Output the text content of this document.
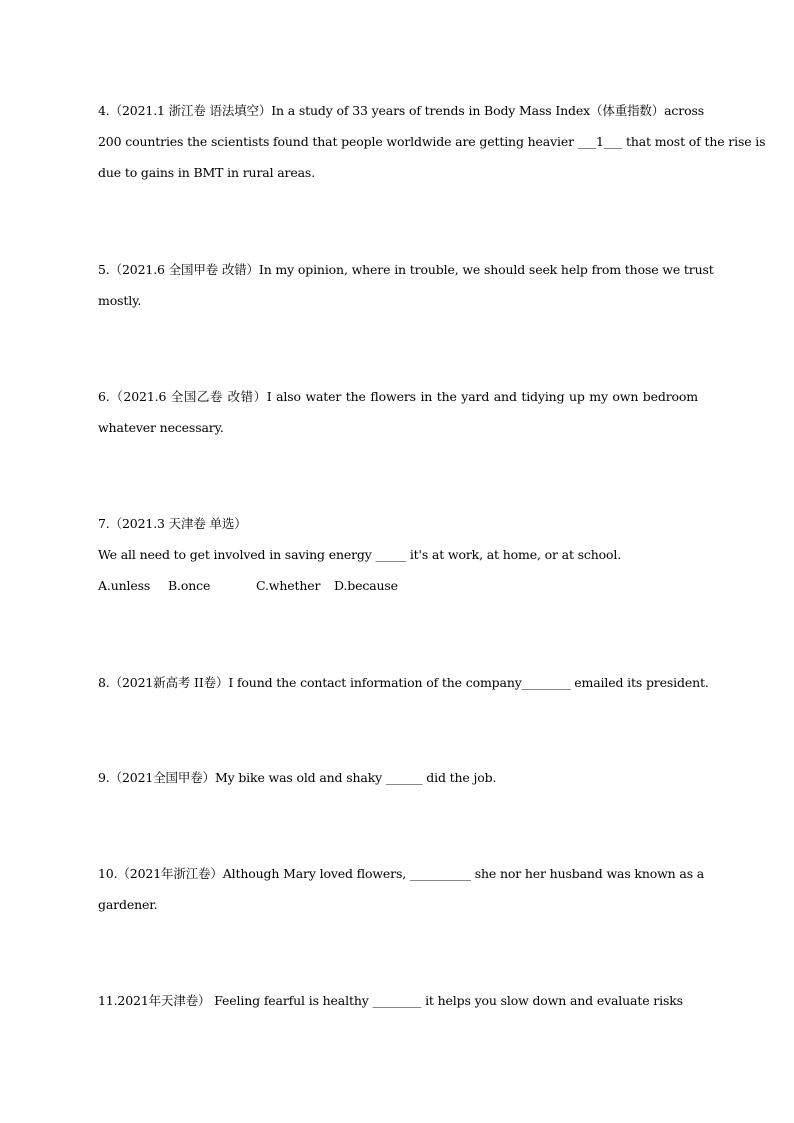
4.（2021.1 浙江卷 语法填空）In a study of 33 years of trends in Body Mass Index（体重指数）across
200 countries the scientists found that people worldwide are getting heavier ___1___ that most of the rise is
due to gains in BMT in rural areas.
5.（2021.6 全国甲卷 改错）In my opinion, where in trouble, we should seek help from those we trust
mostly.
6.（2021.6 全国乙卷 改错）I also water the flowers in the yard and tidying up my own bedroom
whatever necessary.
7.（2021.3 天津卷 单选）
We all need to get involved in saving energy _____ it's at work, at home, or at school.
A.unless B.once	C.whether D.because
8.（2021新高考 II卷）I found the contact information of the company________ emailed its president.
9.（2021全国甲卷）My bike was old and shaky ______ did the job.
10.（2021年浙江卷）Although Mary loved flowers, __________ she nor her husband was known as a
gardener.
11.2021年天津卷） Feeling fearful is healthy ________ it helps you slow down and evaluate risks
